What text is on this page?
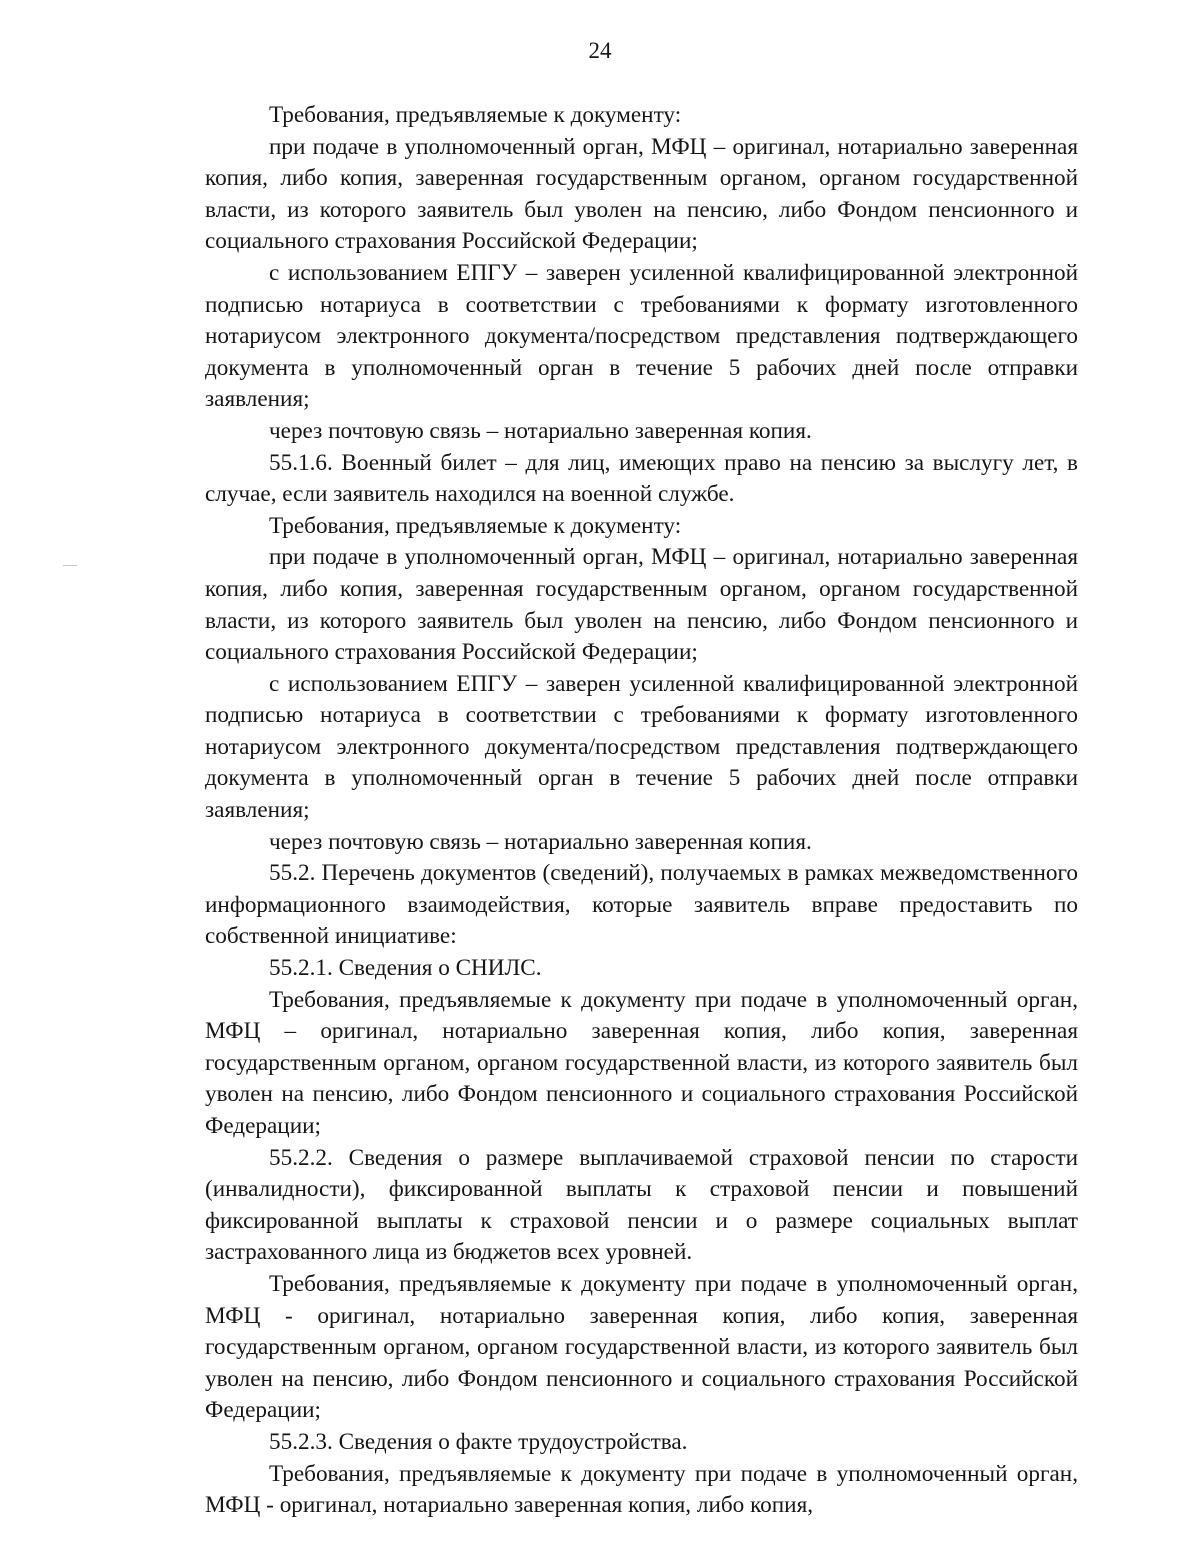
24

Требования, предъявляемые к документу:

при подаче в уполномоченный орган, МФЦ – оригинал, нотариально заверенная копия, либо копия, заверенная государственным органом, органом государственной власти, из которого заявитель был уволен на пенсию, либо Фондом пенсионного и социального страхования Российской Федерации;

с использованием ЕПГУ – заверен усиленной квалифицированной электронной подписью нотариуса в соответствии с требованиями к формату изготовленного нотариусом электронного документа/посредством представления подтверждающего документа в уполномоченный орган в течение 5 рабочих дней после отправки заявления;

через почтовую связь – нотариально заверенная копия.

55.1.6. Военный билет – для лиц, имеющих право на пенсию за выслугу лет, в случае, если заявитель находился на военной службе.

Требования, предъявляемые к документу:

при подаче в уполномоченный орган, МФЦ – оригинал, нотариально заверенная копия, либо копия, заверенная государственным органом, органом государственной власти, из которого заявитель был уволен на пенсию, либо Фондом пенсионного и социального страхования Российской Федерации;

с использованием ЕПГУ – заверен усиленной квалифицированной электронной подписью нотариуса в соответствии с требованиями к формату изготовленного нотариусом электронного документа/посредством представления подтверждающего документа в уполномоченный орган в течение 5 рабочих дней после отправки заявления;

через почтовую связь – нотариально заверенная копия.

55.2. Перечень документов (сведений), получаемых в рамках межведомственного информационного взаимодействия, которые заявитель вправе предоставить по собственной инициативе:

55.2.1. Сведения о СНИЛС.

Требования, предъявляемые к документу при подаче в уполномоченный орган, МФЦ – оригинал, нотариально заверенная копия, либо копия, заверенная государственным органом, органом государственной власти, из которого заявитель был уволен на пенсию, либо Фондом пенсионного и социального страхования Российской Федерации;

55.2.2. Сведения о размере выплачиваемой страховой пенсии по старости (инвалидности), фиксированной выплаты к страховой пенсии и повышений фиксированной выплаты к страховой пенсии и о размере социальных выплат застрахованного лица из бюджетов всех уровней.

Требования, предъявляемые к документу при подаче в уполномоченный орган, МФЦ - оригинал, нотариально заверенная копия, либо копия, заверенная государственным органом, органом государственной власти, из которого заявитель был уволен на пенсию, либо Фондом пенсионного и социального страхования Российской Федерации;

55.2.3. Сведения о факте трудоустройства.

Требования, предъявляемые к документу при подаче в уполномоченный орган, МФЦ - оригинал, нотариально заверенная копия, либо копия,
